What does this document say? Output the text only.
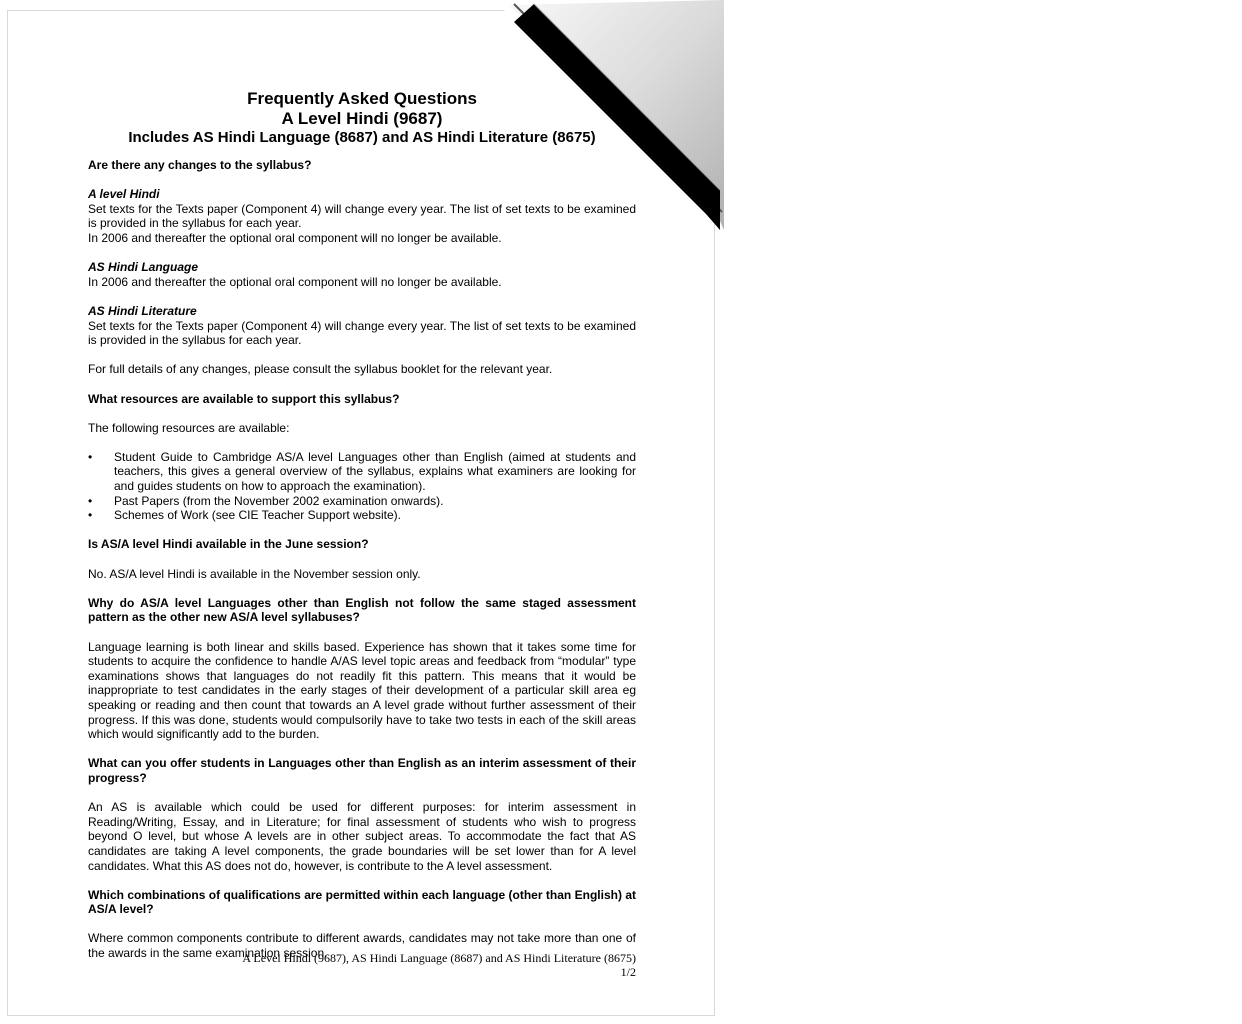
www.XtremePapers.com
Frequently Asked Questions
A Level Hindi (9687)
Includes AS Hindi Language (8687) and AS Hindi Literature (8675)

Are there any changes to the syllabus?

A level Hindi

Set texts for the Texts paper (Component 4) will change every year. The list of set texts to be examined is provided in the syllabus for each year.

In 2006 and thereafter the optional oral component will no longer be available.

AS Hindi Language

In 2006 and thereafter the optional oral component will no longer be available.

AS Hindi Literature

Set texts for the Texts paper (Component 4) will change every year. The list of set texts to be examined is provided in the syllabus for each year.

For full details of any changes, please consult the syllabus booklet for the relevant year.

What resources are available to support this syllabus?

The following resources are available:

• Student Guide to Cambridge AS/A level Languages other than English (aimed at students and teachers, this gives a general overview of the syllabus, explains what examiners are looking for and guides students on how to approach the examination).
• Past Papers (from the November 2002 examination onwards).
• Schemes of Work (see CIE Teacher Support website).

Is AS/A level Hindi available in the June session?

No. AS/A level Hindi is available in the November session only.

Why do AS/A level Languages other than English not follow the same staged assessment pattern as the other new AS/A level syllabuses?

Language learning is both linear and skills based. Experience has shown that it takes some time for students to acquire the confidence to handle A/AS level topic areas and feedback from “modular” type examinations shows that languages do not readily fit this pattern. This means that it would be inappropriate to test candidates in the early stages of their development of a particular skill area eg speaking or reading and then count that towards an A level grade without further assessment of their progress. If this was done, students would compulsorily have to take two tests in each of the skill areas which would significantly add to the burden.

What can you offer students in Languages other than English as an interim assessment of their progress?

An AS is available which could be used for different purposes: for interim assessment in Reading/Writing, Essay, and in Literature; for final assessment of students who wish to progress beyond O level, but whose A levels are in other subject areas. To accommodate the fact that AS candidates are taking A level components, the grade boundaries will be set lower than for A level candidates. What this AS does not do, however, is contribute to the A level assessment.

Which combinations of qualifications are permitted within each language (other than English) at AS/A level?

Where common components contribute to different awards, candidates may not take more than one of the awards in the same examination session.

A Level Hindi (9687), AS Hindi Language (8687) and AS Hindi Literature (8675)
1/2
